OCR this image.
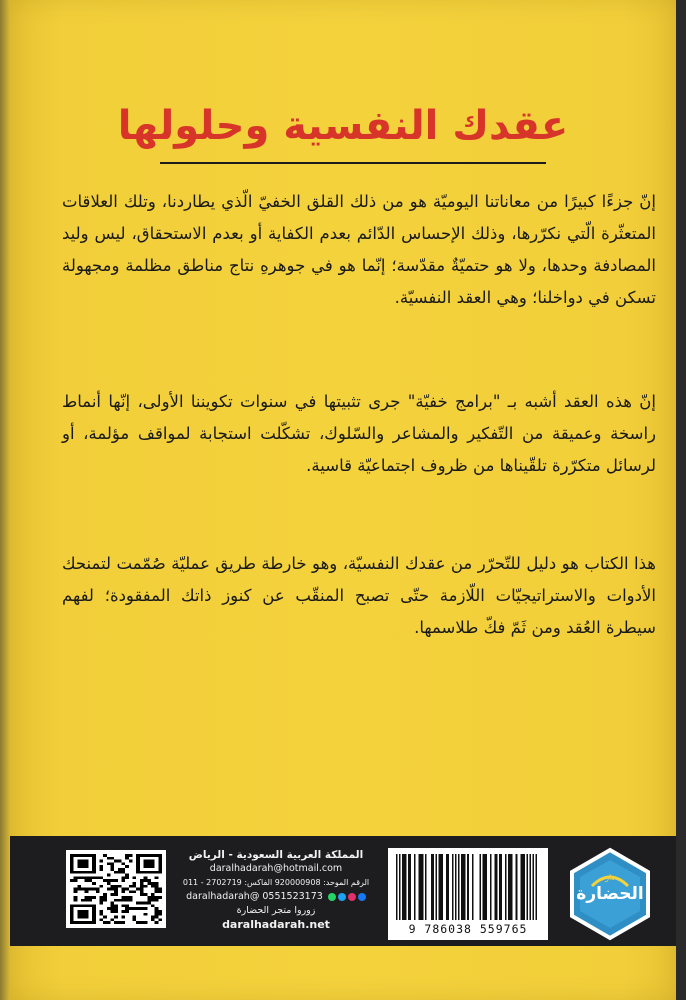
عقدك النفسية وحلولها
إنّ جزءًا كبيرًا من معاناتنا اليوميّة هو من ذلك القلق الخفيّ الّذي يطاردنا، وتلك العلاقات المتعثّرة الّتي نكرّرها، وذلك الإحساس الدّائم بعدم الكفاية أو بعدم الاستحقاق، ليس وليد المصادفة وحدها، ولا هو حتميّةٌ مقدّسة؛ إنّما هو في جوهرهِ نتاج مناطق مظلمة ومجهولة تسكن في دواخلنا؛ وهي العقد النفسيّة.
إنّ هذه العقد أشبه بـ "برامج خفيّة" جرى تثبيتها في سنوات تكويننا الأولى، إنّها أنماط راسخة وعميقة من التّفكير والمشاعر والسّلوك، تشكّلت استجابة لمواقف مؤلمة، أو لرسائل متكرّرة تلقّيناها من ظروف اجتماعيّة قاسية.
هذا الكتاب هو دليل للتّحرّر من عقدك النفسيّة، وهو خارطة طريق عمليّة صُمّمت لتمنحك الأدوات والاستراتيجيّات اللّازمة حتّى تصبح المنقّب عن كنوز ذاتك المفقودة؛ لفهم سيطرة العُقد ومن ثَمّ فكّ طلاسمها.
المملكة العربية السعودية - الرياض
daralhadarah@hotmail.com
الرقم الموحد: 920000908 الفاكس: 2702719 - 011
0551523173 @daralhadarah
زوروا متجر الحضارة
daralhadarah.net	9 786038 559765
دار
الحضارة
